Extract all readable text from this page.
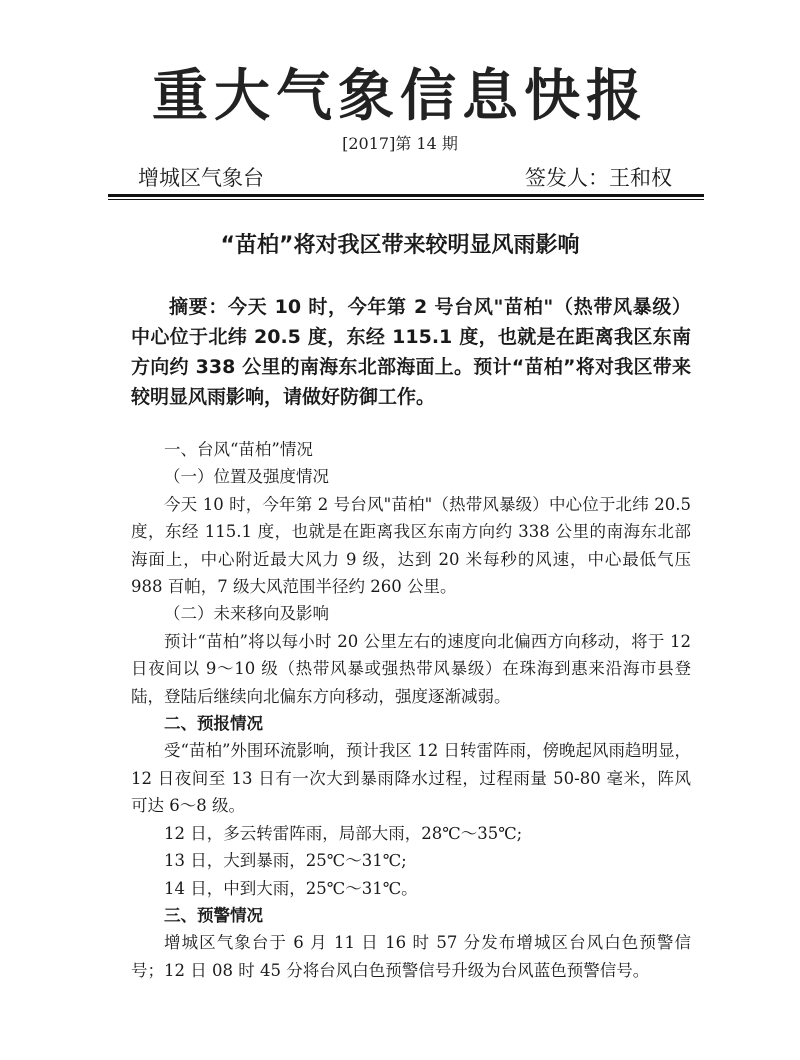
重大气象信息快报
[2017]第 14 期
增城区气象台	签发人：王和权
“苗柏”将对我区带来较明显风雨影响
摘要：今天 10 时，今年第 2 号台风"苗柏"（热带风暴级）中心位于北纬 20.5 度，东经 115.1 度，也就是在距离我区东南方向约 338 公里的南海东北部海面上。预计“苗柏”将对我区带来较明显风雨影响，请做好防御工作。

一、台风“苗柏”情况

（一）位置及强度情况

今天 10 时，今年第 2 号台风"苗柏"（热带风暴级）中心位于北纬 20.5 度，东经 115.1 度，也就是在距离我区东南方向约 338 公里的南海东北部海面上，中心附近最大风力 9 级，达到 20 米每秒的风速，中心最低气压 988 百帕，7 级大风范围半径约 260 公里。

（二）未来移向及影响

预计“苗柏”将以每小时 20 公里左右的速度向北偏西方向移动，将于 12 日夜间以 9～10 级（热带风暴或强热带风暴级）在珠海到惠来沿海市县登陆，登陆后继续向北偏东方向移动，强度逐渐减弱。

二、预报情况

受“苗柏”外围环流影响，预计我区 12 日转雷阵雨，傍晚起风雨趋明显，12 日夜间至 13 日有一次大到暴雨降水过程，过程雨量 50-80 毫米，阵风可达 6～8 级。

12 日，多云转雷阵雨，局部大雨，28℃～35℃;

13 日，大到暴雨，25℃～31℃;

14 日，中到大雨，25℃～31℃。

三、预警情况

增城区气象台于 6 月 11 日 16 时 57 分发布增城区台风白色预警信号；12 日 08 时 45 分将台风白色预警信号升级为台风蓝色预警信号。
